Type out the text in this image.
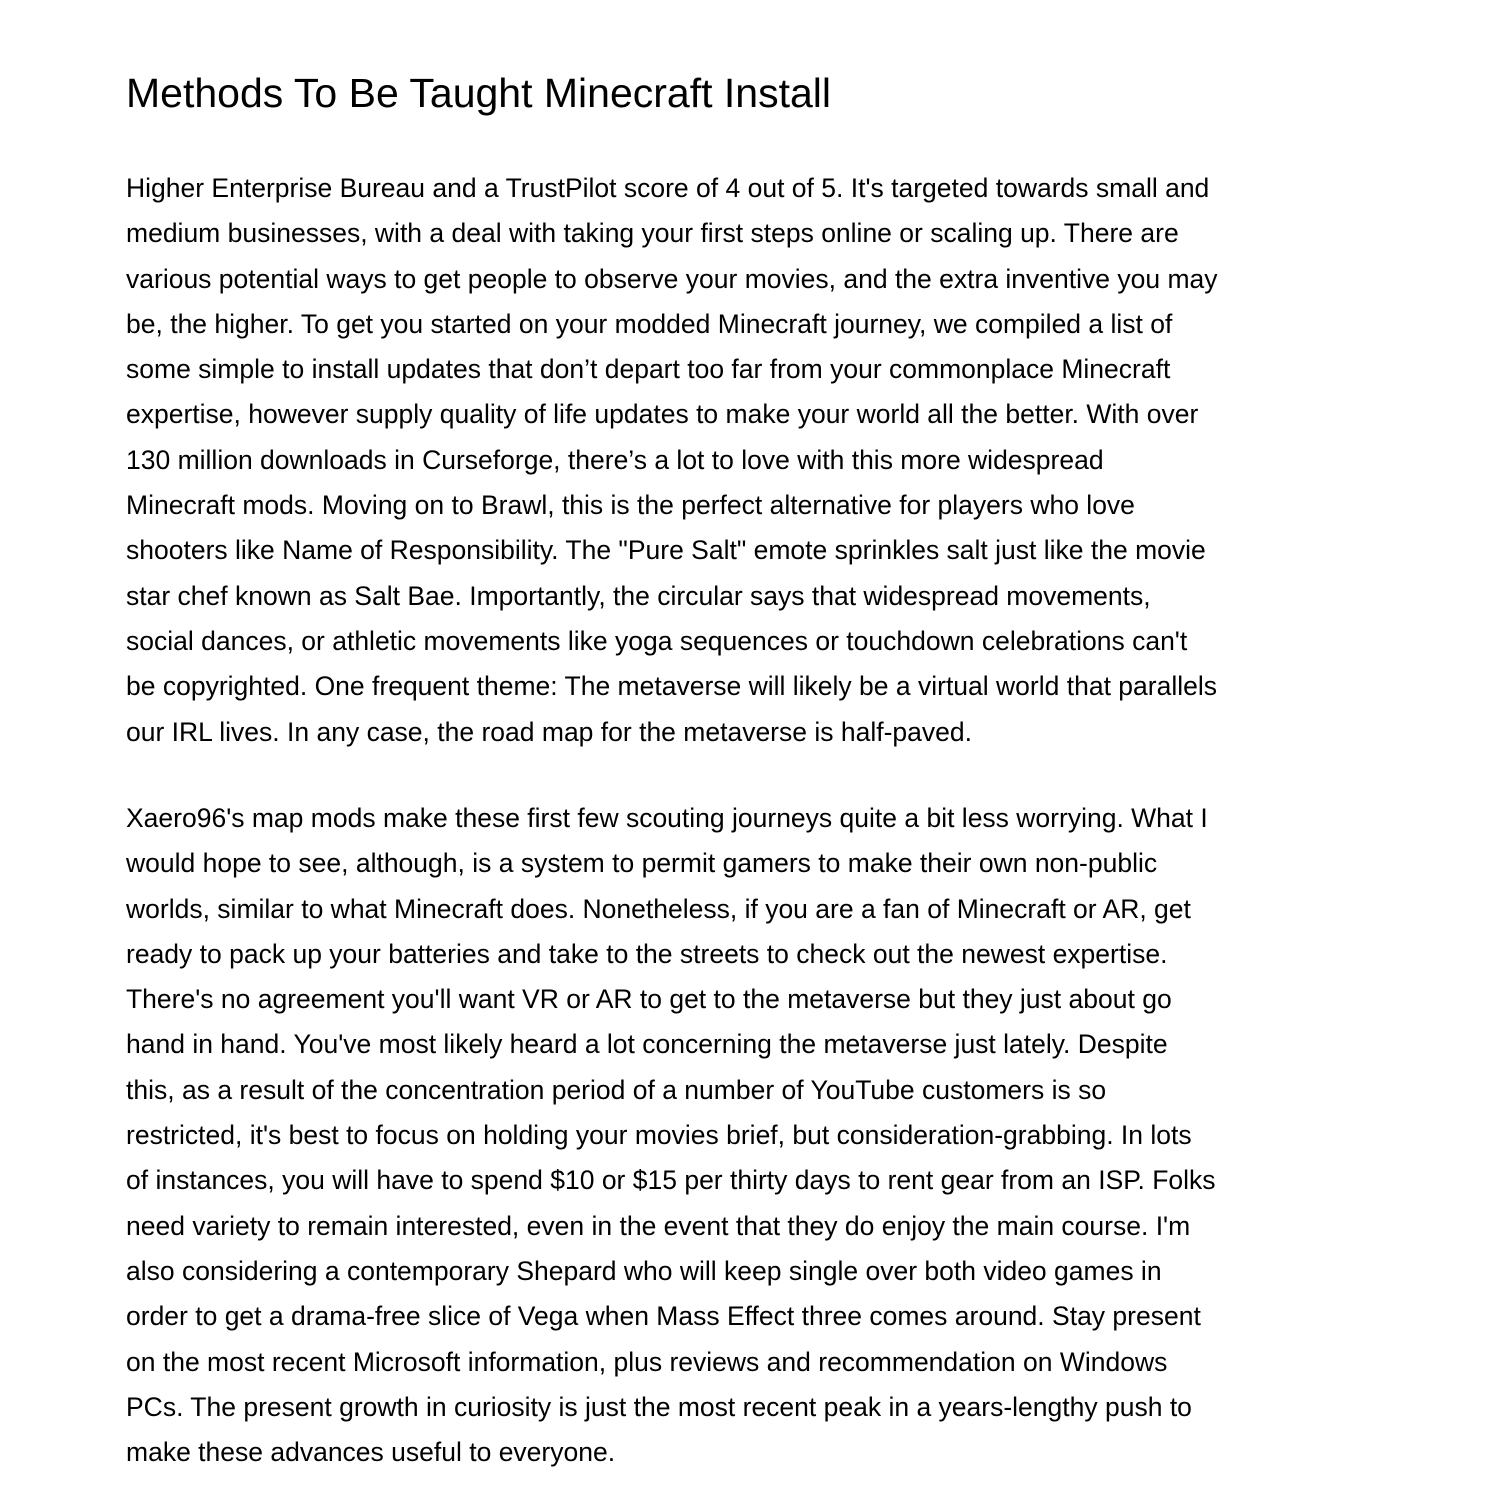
Methods To Be Taught Minecraft Install

Higher Enterprise Bureau and a TrustPilot score of 4 out of 5. It's targeted towards small and
medium businesses, with a deal with taking your first steps online or scaling up. There are
various potential ways to get people to observe your movies, and the extra inventive you may
be, the higher. To get you started on your modded Minecraft journey, we compiled a list of
some simple to install updates that don’t depart too far from your commonplace Minecraft
expertise, however supply quality of life updates to make your world all the better. With over
130 million downloads in Curseforge, there’s a lot to love with this more widespread
Minecraft mods. Moving on to Brawl, this is the perfect alternative for players who love
shooters like Name of Responsibility. The "Pure Salt" emote sprinkles salt just like the movie
star chef known as Salt Bae. Importantly, the circular says that widespread movements,
social dances, or athletic movements like yoga sequences or touchdown celebrations can't
be copyrighted. One frequent theme: The metaverse will likely be a virtual world that parallels
our IRL lives. In any case, the road map for the metaverse is half-paved.

Xaero96's map mods make these first few scouting journeys quite a bit less worrying. What I
would hope to see, although, is a system to permit gamers to make their own non-public
worlds, similar to what Minecraft does. Nonetheless, if you are a fan of Minecraft or AR, get
ready to pack up your batteries and take to the streets to check out the newest expertise.
There's no agreement you'll want VR or AR to get to the metaverse but they just about go
hand in hand. You've most likely heard a lot concerning the metaverse just lately. Despite
this, as a result of the concentration period of a number of YouTube customers is so
restricted, it's best to focus on holding your movies brief, but consideration-grabbing. In lots
of instances, you will have to spend $10 or $15 per thirty days to rent gear from an ISP. Folks
need variety to remain interested, even in the event that they do enjoy the main course. I'm
also considering a contemporary Shepard who will keep single over both video games in
order to get a drama-free slice of Vega when Mass Effect three comes around. Stay present
on the most recent Microsoft information, plus reviews and recommendation on Windows
PCs. The present growth in curiosity is just the most recent peak in a years-lengthy push to
make these advances useful to everyone.
